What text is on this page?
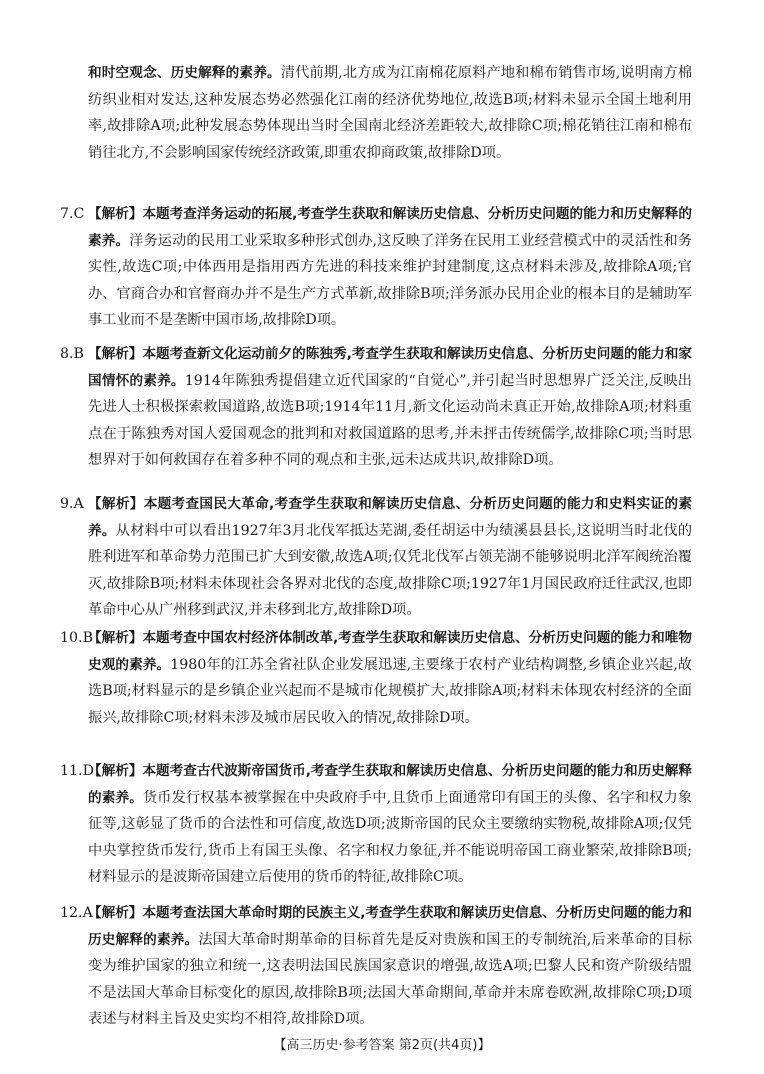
和时空观念、历史解释的素养。清代前期,北方成为江南棉花原料产地和棉布销售市场,说明南方棉纺织业相对发达,这种发展态势必然强化江南的经济优势地位,故选B项;材料未显示全国土地利用率,故排除A项;此种发展态势体现出当时全国南北经济差距较大,故排除C项;棉花销往江南和棉布销往北方,不会影响国家传统经济政策,即重农抑商政策,故排除D项。
7.C 【解析】本题考查洋务运动的拓展,考查学生获取和解读历史信息、分析历史问题的能力和历史解释的素养。洋务运动的民用工业采取多种形式创办,这反映了洋务在民用工业经营模式中的灵活性和务实性,故选C项;中体西用是指用西方先进的科技来维护封建制度,这点材料未涉及,故排除A项;官办、官商合办和官督商办并不是生产方式革新,故排除B项;洋务派办民用企业的根本目的是辅助军事工业而不是垄断中国市场,故排除D项。
8.B 【解析】本题考查新文化运动前夕的陈独秀,考查学生获取和解读历史信息、分析历史问题的能力和家国情怀的素养。1914年陈独秀提倡建立近代国家的“自觉心”,并引起当时思想界广泛关注,反映出先进人士积极探索救国道路,故选B项;1914年11月,新文化运动尚未真正开始,故排除A项;材料重点在于陈独秀对国人爱国观念的批判和对救国道路的思考,并未抨击传统儒学,故排除C项;当时思想界对于如何救国存在着多种不同的观点和主张,远未达成共识,故排除D项。
9.A 【解析】本题考查国民大革命,考查学生获取和解读历史信息、分析历史问题的能力和史料实证的素养。从材料中可以看出1927年3月北伐军抵达芜湖,委任胡运中为绩溪县县长,这说明当时北伐的胜利进军和革命势力范围已扩大到安徽,故选A项;仅凭北伐军占领芜湖不能够说明北洋军阀统治覆灭,故排除B项;材料未体现社会各界对北伐的态度,故排除C项;1927年1月国民政府迁往武汉,也即革命中心从广州移到武汉,并未移到北方,故排除D项。
10.B
【解析】本题考查中国农村经济体制改革,考查学生获取和解读历史信息、分析历史问题的能力和唯物史观的素养。1980年的江苏全省社队企业发展迅速,主要缘于农村产业结构调整,乡镇企业兴起,故选B项;材料显示的是乡镇企业兴起而不是城市化规模扩大,故排除A项;材料未体现农村经济的全面振兴,故排除C项;材料未涉及城市居民收入的情况,故排除D项。
11.D
【解析】本题考查古代波斯帝国货币,考查学生获取和解读历史信息、分析历史问题的能力和历史解释的素养。货币发行权基本被掌握在中央政府手中,且货币上面通常印有国王的头像、名字和权力象征等,这彰显了货币的合法性和可信度,故选D项;波斯帝国的民众主要缴纳实物税,故排除A项;仅凭中央掌控货币发行,货币上有国王头像、名字和权力象征,并不能说明帝国工商业繁荣,故排除B项;材料显示的是波斯帝国建立后使用的货币的特征,故排除C项。
12.A
【解析】本题考查法国大革命时期的民族主义,考查学生获取和解读历史信息、分析历史问题的能力和历史解释的素养。法国大革命时期革命的目标首先是反对贵族和国王的专制统治,后来革命的目标变为维护国家的独立和统一,这表明法国民族国家意识的增强,故选A项;巴黎人民和资产阶级结盟不是法国大革命目标变化的原因,故排除B项;法国大革命期间,革命并未席卷欧洲,故排除C项;D项表述与材料主旨及史实均不相符,故排除D项。
【高三历史·参考答案 第2页(共4页)】
